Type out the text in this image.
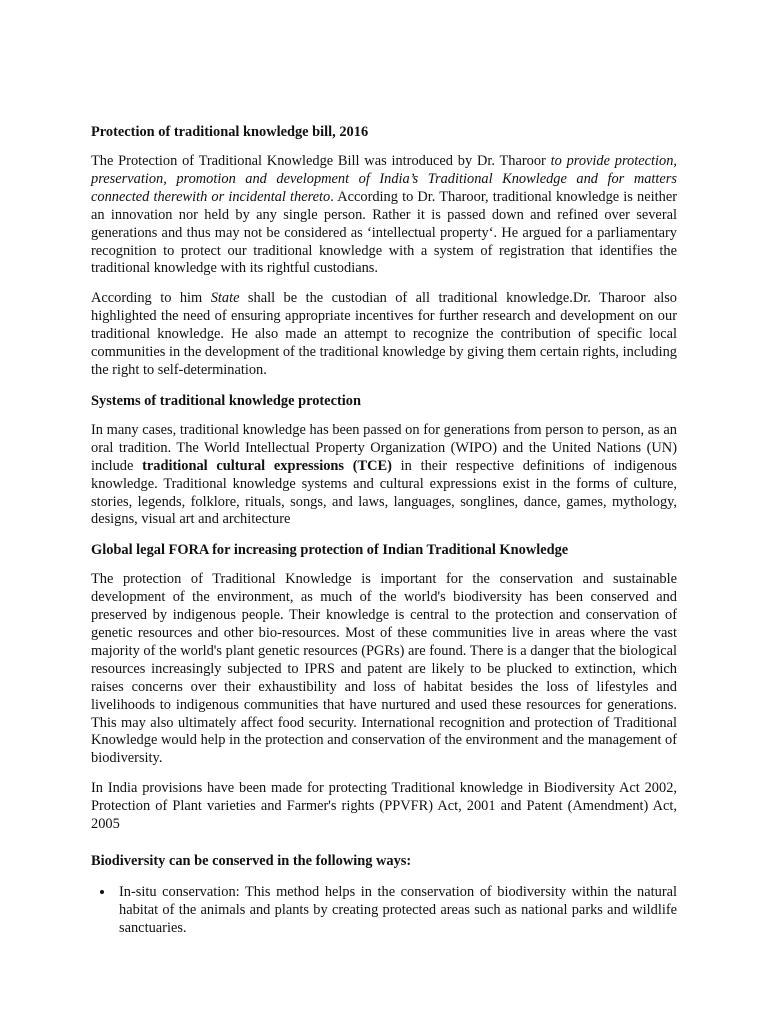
Protection of traditional knowledge bill, 2016

The Protection of Traditional Knowledge Bill was introduced by Dr. Tharoor to provide protection, preservation, promotion and development of India’s Traditional Knowledge and for matters connected therewith or incidental thereto. According to Dr. Tharoor, traditional knowledge is neither an innovation nor held by any single person. Rather it is passed down and refined over several generations and thus may not be considered as ‘intellectual property‘. He argued for a parliamentary recognition to protect our traditional knowledge with a system of registration that identifies the traditional knowledge with its rightful custodians.

According to him State shall be the custodian of all traditional knowledge.Dr. Tharoor also highlighted the need of ensuring appropriate incentives for further research and development on our traditional knowledge. He also made an attempt to recognize the contribution of specific local communities in the development of the traditional knowledge by giving them certain rights, including the right to self-determination.

Systems of traditional knowledge protection

In many cases, traditional knowledge has been passed on for generations from person to person, as an oral tradition. The World Intellectual Property Organization (WIPO) and the United Nations (UN) include traditional cultural expressions (TCE) in their respective definitions of indigenous knowledge. Traditional knowledge systems and cultural expressions exist in the forms of culture, stories, legends, folklore, rituals, songs, and laws, languages, songlines, dance, games, mythology, designs, visual art and architecture

Global legal FORA for increasing protection of Indian Traditional Knowledge

The protection of Traditional Knowledge is important for the conservation and sustainable development of the environment, as much of the world's biodiversity has been conserved and preserved by indigenous people. Their knowledge is central to the protection and conservation of genetic resources and other bio-resources. Most of these communities live in areas where the vast majority of the world's plant genetic resources (PGRs) are found. There is a danger that the biological resources increasingly subjected to IPRS and patent are likely to be plucked to extinction, which raises concerns over their exhaustibility and loss of habitat besides the loss of lifestyles and livelihoods to indigenous communities that have nurtured and used these resources for generations. This may also ultimately affect food security. International recognition and protection of Traditional Knowledge would help in the protection and conservation of the environment and the management of biodiversity.

In India provisions have been made for protecting Traditional knowledge in Biodiversity Act 2002, Protection of Plant varieties and Farmer's rights (PPVFR) Act, 2001 and Patent (Amendment) Act, 2005

Biodiversity can be conserved in the following ways:
• In-situ conservation: This method helps in the conservation of biodiversity within the natural habitat of the animals and plants by creating protected areas such as national parks and wildlife sanctuaries.
